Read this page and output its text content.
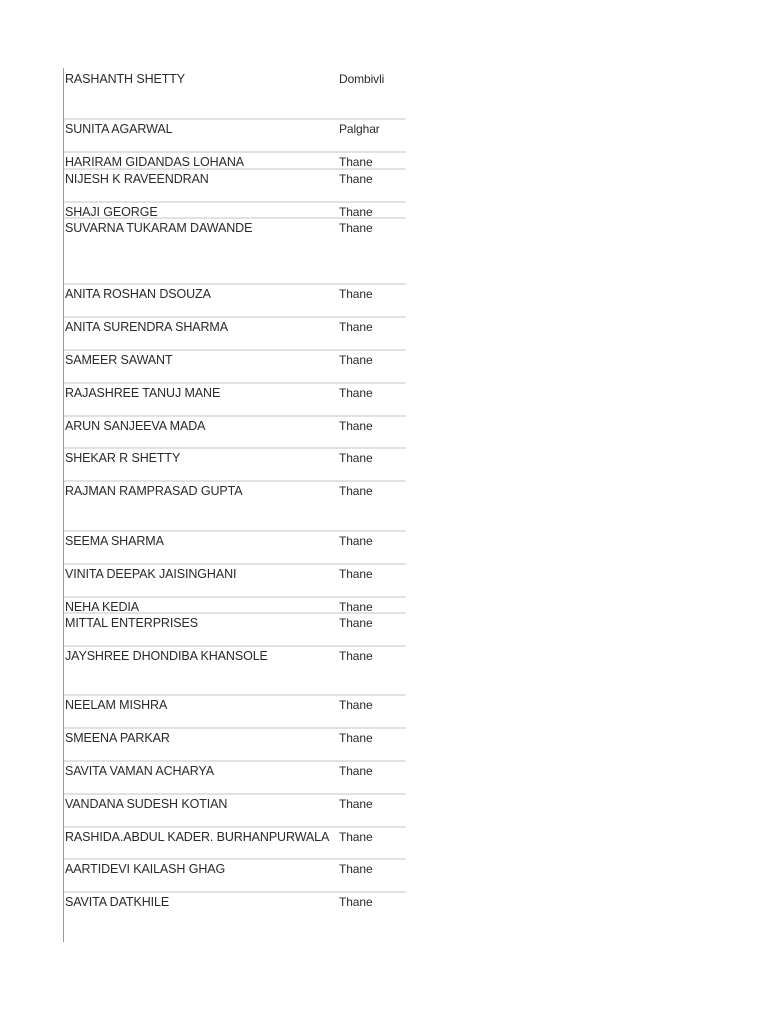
RASHANTH SHETTY	Dombivli
SUNITA AGARWAL	Palghar
HARIRAM GIDANDAS LOHANA	Thane
NIJESH K RAVEENDRAN	Thane
SHAJI GEORGE	Thane
SUVARNA TUKARAM DAWANDE	Thane
ANITA ROSHAN DSOUZA	Thane
ANITA SURENDRA SHARMA	Thane
SAMEER SAWANT	Thane
RAJASHREE TANUJ MANE	Thane
ARUN SANJEEVA MADA	Thane
SHEKAR R SHETTY	Thane
RAJMAN RAMPRASAD GUPTA	Thane
SEEMA SHARMA	Thane
VINITA DEEPAK JAISINGHANI	Thane
NEHA KEDIA	Thane
MITTAL ENTERPRISES	Thane
JAYSHREE DHONDIBA KHANSOLE	Thane
NEELAM MISHRA	Thane
SMEENA PARKAR	Thane
SAVITA VAMAN ACHARYA	Thane
VANDANA SUDESH KOTIAN	Thane
RASHIDA.ABDUL KADER. BURHANPURWALA Thane
AARTIDEVI KAILASH GHAG	Thane
SAVITA DATKHILE	Thane
